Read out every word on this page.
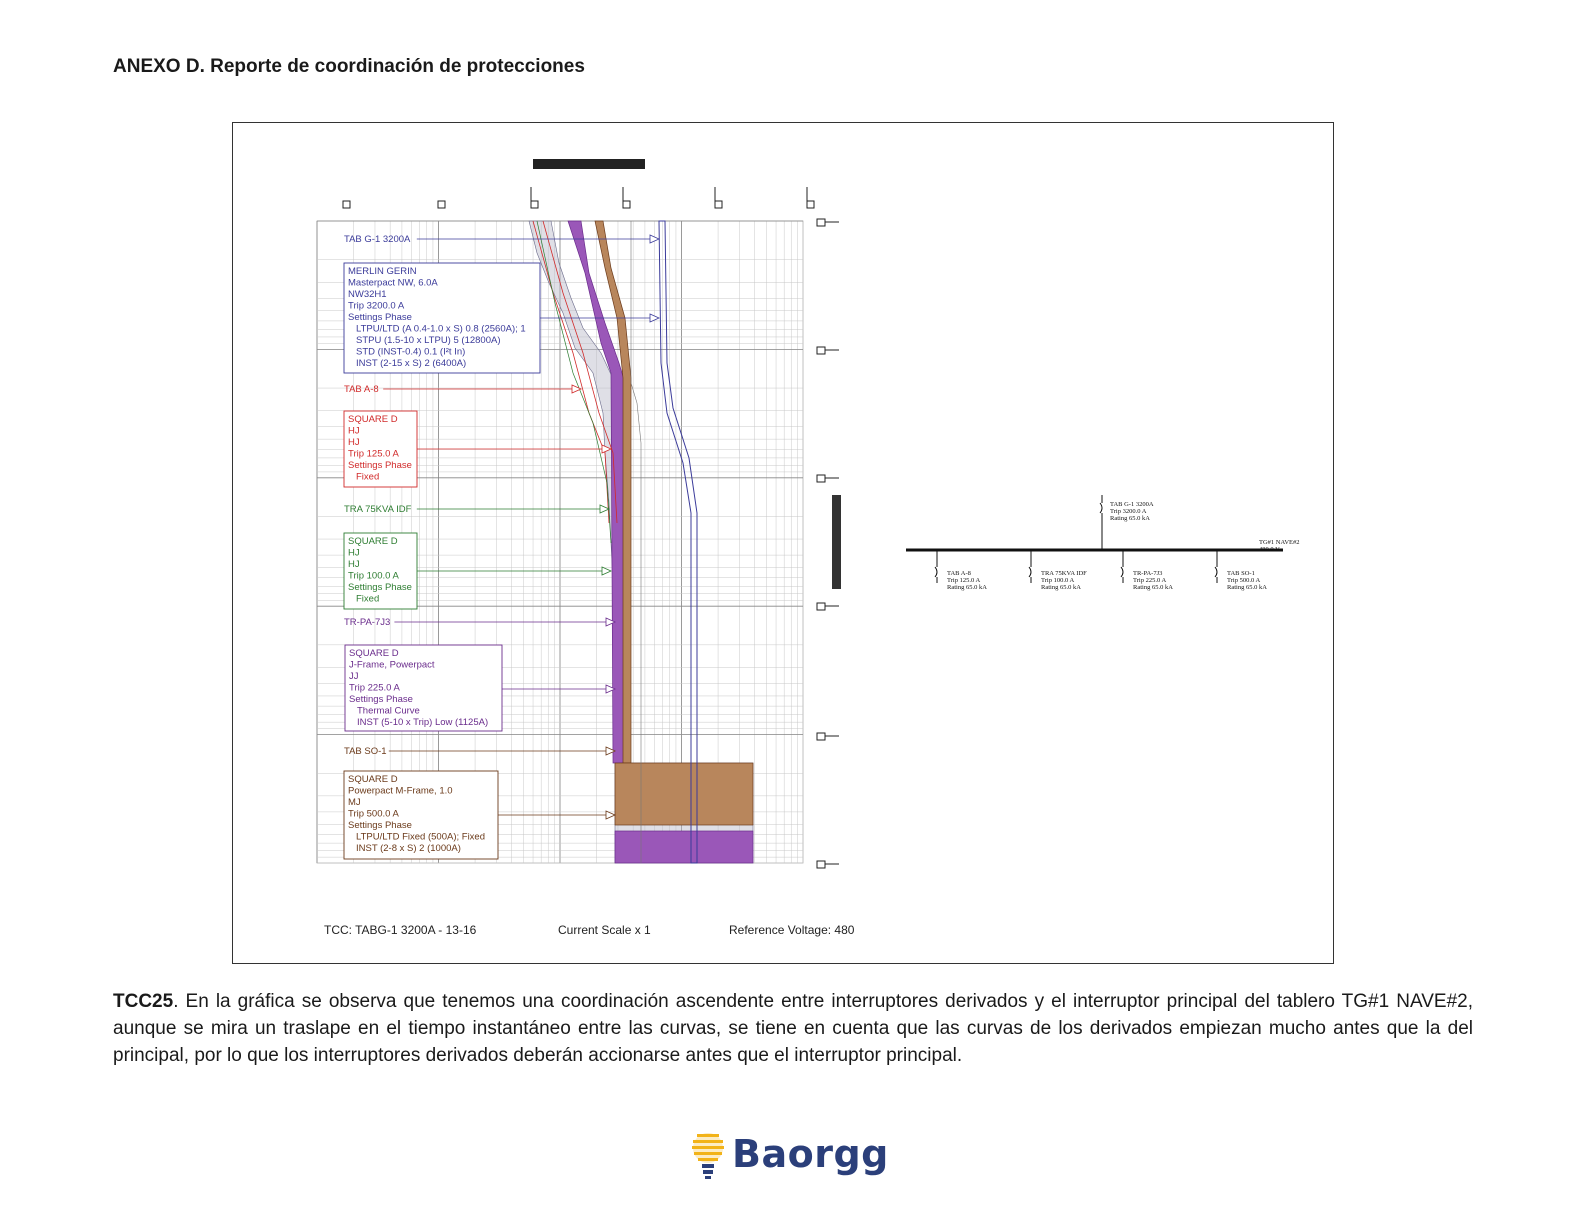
ANEXO D. Reporte de coordinación de protecciones
TAB G-1 3200A
MERLIN GERIN
Masterpact NW, 6.0A
NW32H1
Trip 3200.0 A
Settings Phase
LTPU/LTD (A 0.4-1.0 x S) 0.8 (2560A); 1
STPU (1.5-10 x LTPU) 5 (12800A)
STD (INST-0.4) 0.1 (I²t In)
INST (2-15 x S) 2 (6400A)
TAB A-8
SQUARE D
HJ
HJ
Trip 125.0 A
Settings Phase
Fixed
TRA 75KVA IDF
SQUARE D
HJ
HJ
Trip 100.0 A
Settings Phase
Fixed
TR-PA-7J3
SQUARE D
J-Frame, Powerpact
JJ
Trip 225.0 A
Settings Phase
Thermal Curve
INST (5-10 x Trip) Low (1125A)
TAB SO-1
SQUARE D
Powerpact M-Frame, 1.0
MJ
Trip 500.0 A
Settings Phase
LTPU/LTD Fixed (500A); Fixed
INST (2-8 x S) 2 (1000A)
TG#1 NAVE#2
480.0 V
TAB G-1 3200A
Trip 3200.0 A
Rating 65.0 kA
TAB A-8
Trip 125.0 A
Rating 65.0 kA
TRA 75KVA IDF
Trip 100.0 A
Rating 65.0 kA
TR-PA-7J3
Trip 225.0 A
Rating 65.0 kA
TAB SO-1
Trip 500.0 A
Rating 65.0 kA
TCC: TABG-1 3200A - 13-16	Current Scale x 1	Reference Voltage: 480
TCC25. En la gráfica se observa que tenemos una coordinación ascendente entre interruptores derivados y el interruptor principal del tablero TG#1 NAVE#2, aunque se mira un traslape en el tiempo instantáneo entre las curvas, se tiene en cuenta que las curvas de los derivados empiezan mucho antes que la del principal, por lo que los interruptores derivados deberán accionarse antes que el interruptor principal.
Baorgg
